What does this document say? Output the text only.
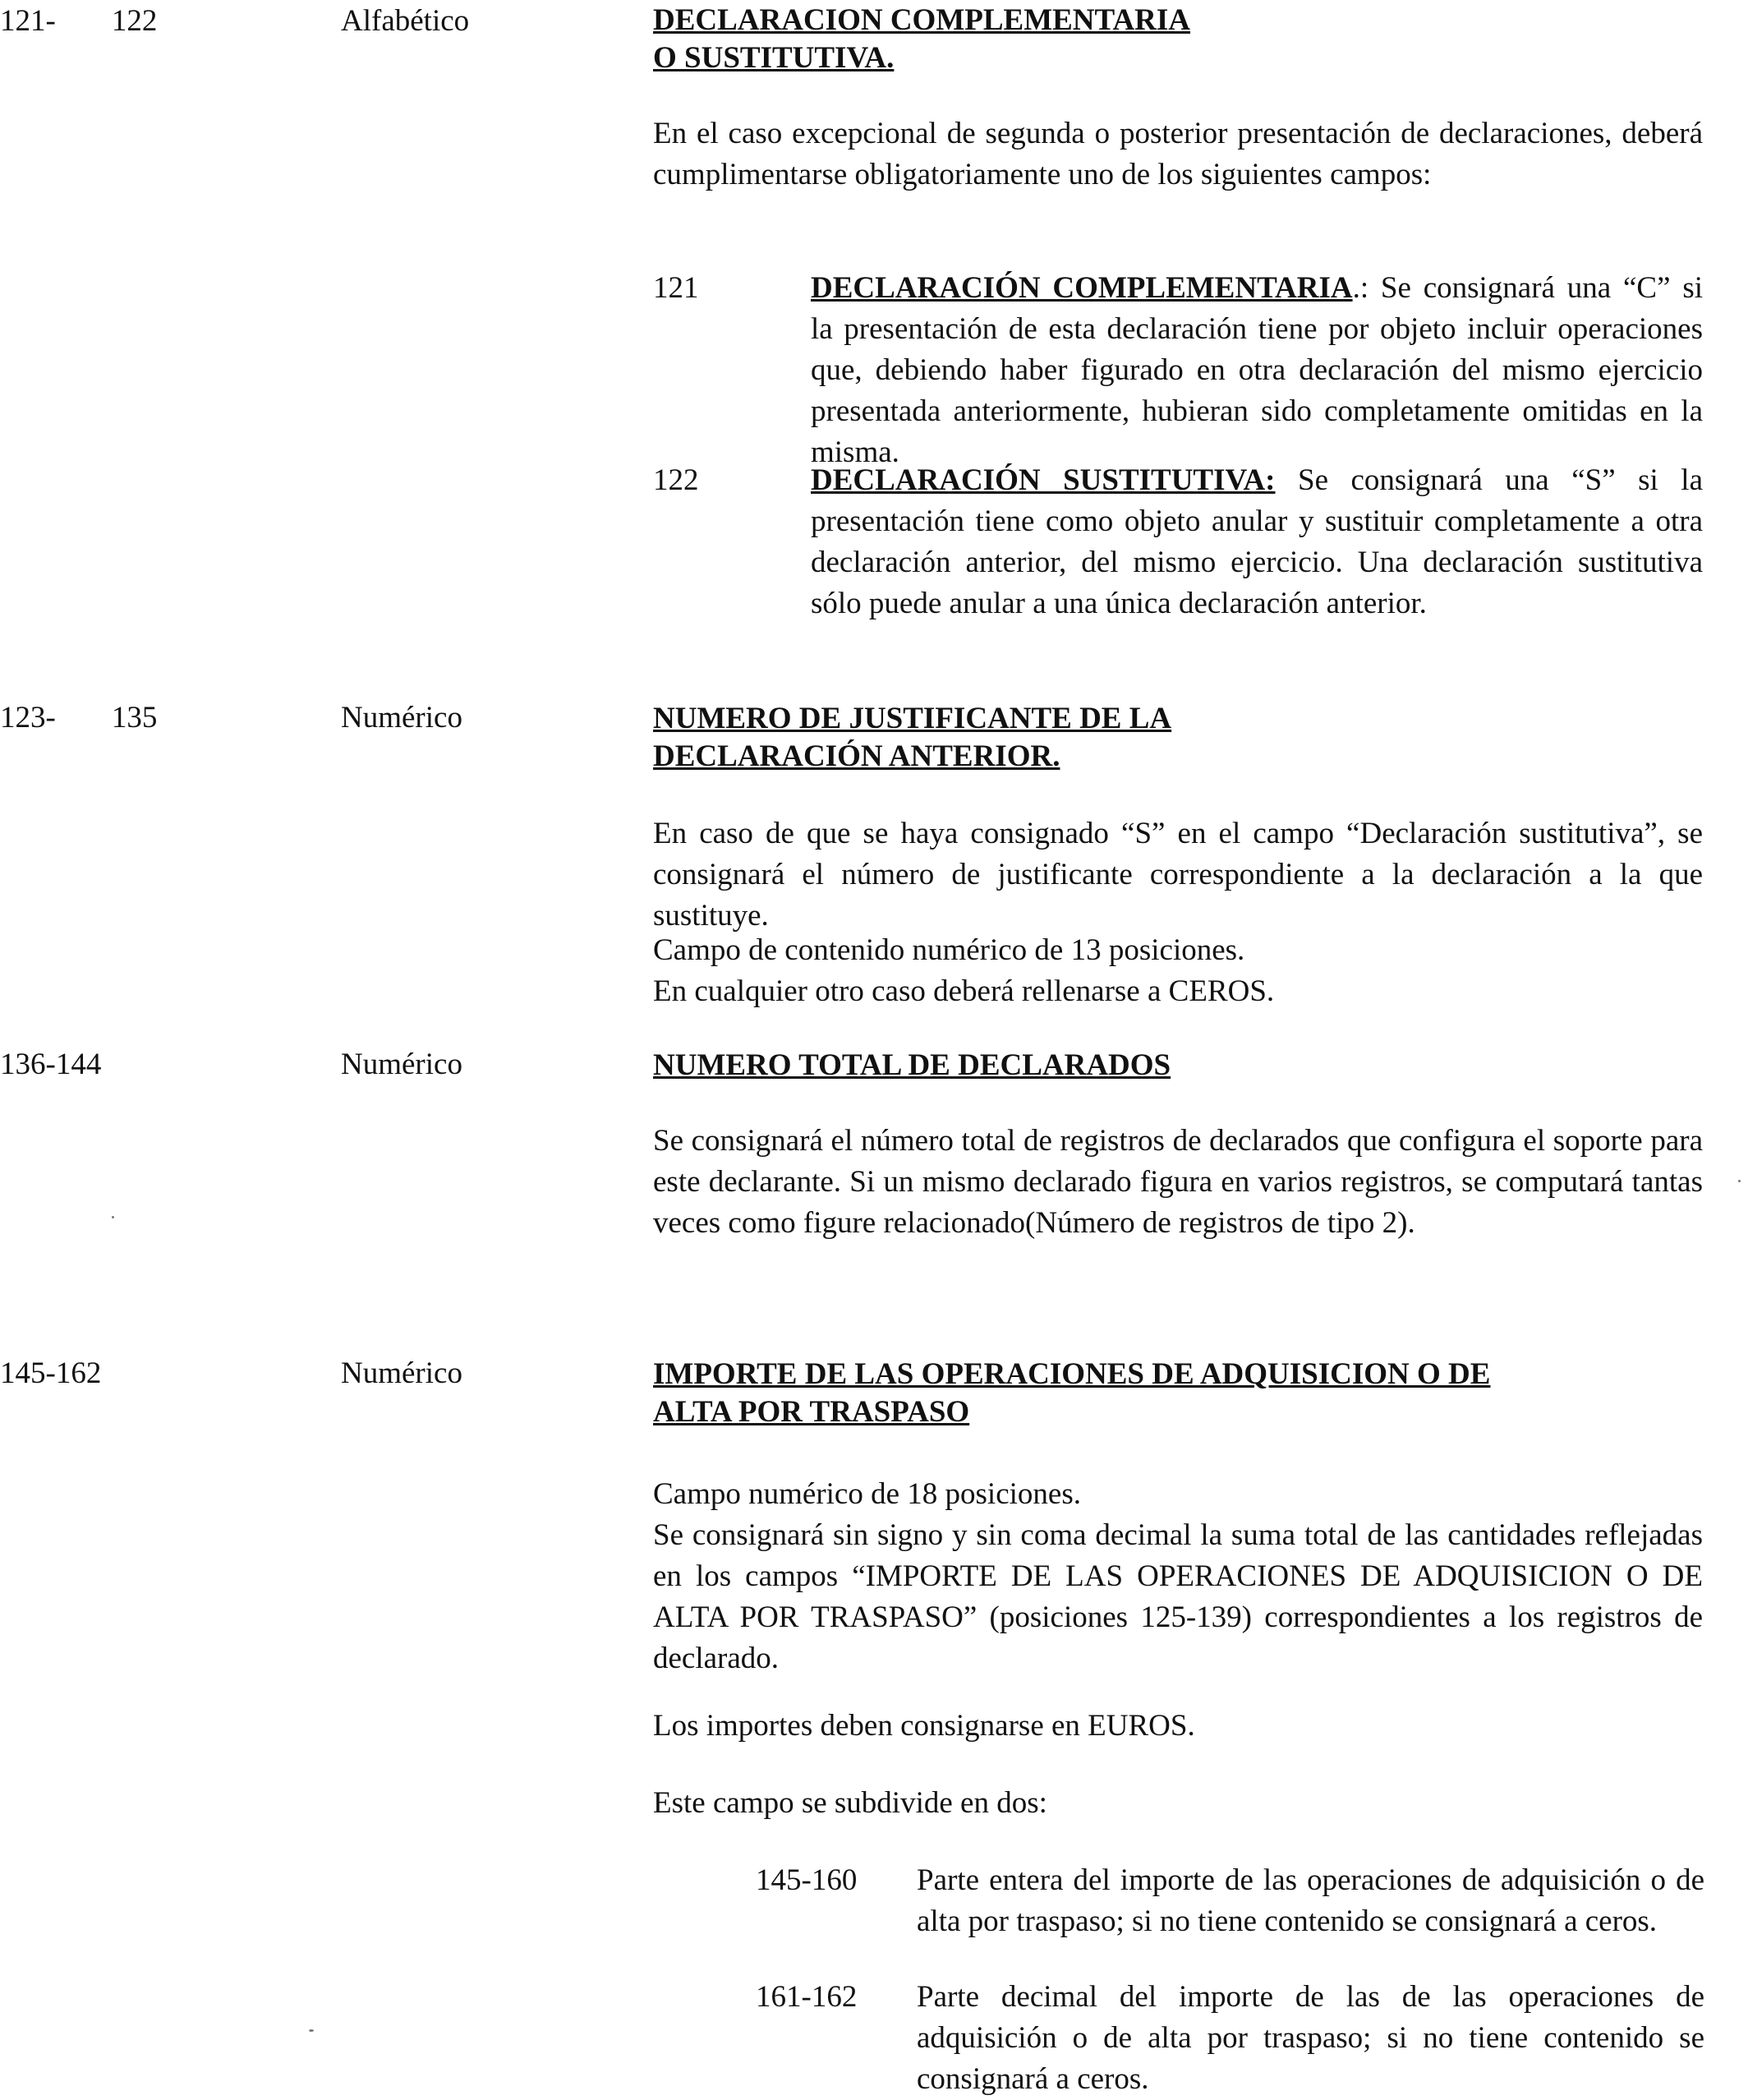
121- 122	Alfabético	DECLARACION COMPLEMENTARIA
O SUSTITUTIVA.
En el caso excepcional de segunda o posterior presentación de declaraciones, deberá cumplimentarse obligatoriamente uno de los siguientes campos:
121	DECLARACIÓN COMPLEMENTARIA.: Se consignará una “C” si la presentación de esta declaración tiene por objeto incluir operaciones que, debiendo haber figurado en otra declaración del mismo ejercicio presentada anteriormente, hubieran sido completamente omitidas en la misma.
122	DECLARACIÓN SUSTITUTIVA: Se consignará una “S” si la presentación tiene como objeto anular y sustituir completamente a otra declaración anterior, del mismo ejercicio. Una declaración sustitutiva sólo puede anular a una única declaración anterior.
123- 135	Numérico	NUMERO DE JUSTIFICANTE DE LA
DECLARACIÓN ANTERIOR.
En caso de que se haya consignado “S” en el campo “Declaración sustitutiva”, se consignará el número de justificante correspondiente a la declaración a la que sustituye.
Campo de contenido numérico de 13 posiciones.
En cualquier otro caso deberá rellenarse a CEROS.
136-144	Numérico	NUMERO TOTAL DE DECLARADOS
Se consignará el número total de registros de declarados que configura el soporte para este declarante. Si un mismo declarado figura en varios registros, se computará tantas veces como figure relacionado(Número de registros de tipo 2).
145-162	Numérico	IMPORTE DE LAS OPERACIONES DE ADQUISICION O DE
ALTA POR TRASPASO
Campo numérico de 18 posiciones.
Se consignará sin signo y sin coma decimal la suma total de las cantidades reflejadas en los campos “IMPORTE DE LAS OPERACIONES DE ADQUISICION O DE ALTA POR TRASPASO” (posiciones 125-139) correspondientes a los registros de declarado.
Los importes deben consignarse en EUROS.
Este campo se subdivide en dos:
145-160 Parte entera del importe de las operaciones de adquisición o de alta por traspaso; si no tiene contenido se consignará a ceros.
161-162 Parte decimal del importe de las de las operaciones de adquisición o de alta por traspaso; si no tiene contenido se consignará a ceros.
